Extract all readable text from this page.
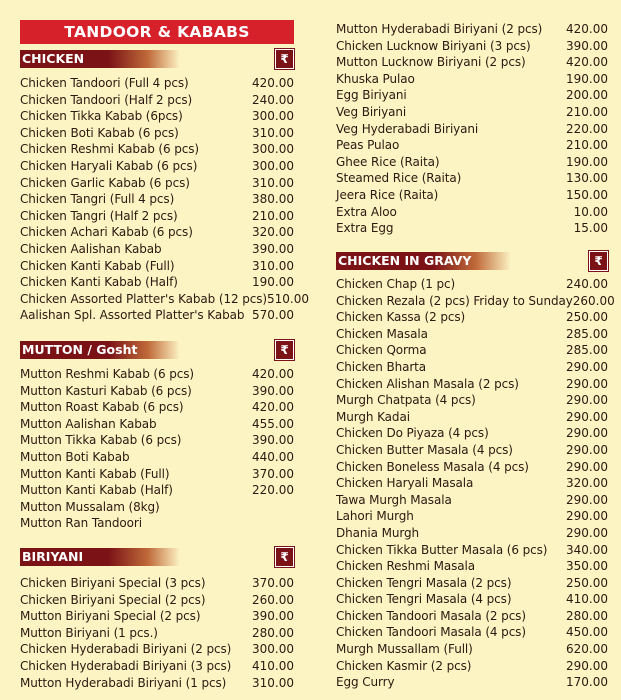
TANDOOR & KABABS
CHICKEN	₹
Chicken Tandoori (Full 4 pcs)	420.00
Chicken Tandoori (Half 2 pcs)	240.00
Chicken Tikka Kabab (6pcs)	300.00
Chicken Boti Kabab (6 pcs)	310.00
Chicken Reshmi Kabab (6 pcs)	300.00
Chicken Haryali Kabab (6 pcs)	300.00
Chicken Garlic Kabab (6 pcs)	310.00
Chicken Tangri (Full 4 pcs)	380.00
Chicken Tangri (Half 2 pcs)	210.00
Chicken Achari Kabab (6 pcs)	320.00
Chicken Aalishan Kabab	390.00
Chicken Kanti Kabab (Full)	310.00
Chicken Kanti Kabab (Half)	190.00
Chicken Assorted Platter's Kabab (12 pcs) 510.00
Aalishan Spl. Assorted Platter's Kabab 570.00
MUTTON / Gosht	₹
Mutton Reshmi Kabab (6 pcs)	420.00
Mutton Kasturi Kabab (6 pcs)	390.00
Mutton Roast Kabab (6 pcs)	420.00
Mutton Aalishan Kabab	455.00
Mutton Tikka Kabab (6 pcs)	390.00
Mutton Boti Kabab	440.00
Mutton Kanti Kabab (Full)	370.00
Mutton Kanti Kabab (Half)	220.00
Mutton Mussalam (8kg)
Mutton Ran Tandoori
BIRIYANI	₹
Chicken Biriyani Special (3 pcs)	370.00
Chicken Biriyani Special (2 pcs)	260.00
Mutton Biriyani Special (2 pcs)	390.00
Mutton Biriyani (1 pcs.)	280.00
Chicken Hyderabadi Biriyani (2 pcs) 300.00
Chicken Hyderabadi Biriyani (3 pcs) 410.00
Mutton Hyderabadi Biriyani (1 pcs) 310.00
Mutton Hyderabadi Biriyani (2 pcs) 420.00
Chicken Lucknow Biriyani (3 pcs)	390.00
Mutton Lucknow Biriyani (2 pcs)	420.00
Khuska Pulao	190.00
Egg Biriyani	200.00
Veg Biriyani	210.00
Veg Hyderabadi Biriyani	220.00
Peas Pulao	210.00
Ghee Rice (Raita)	190.00
Steamed Rice (Raita)	130.00
Jeera Rice (Raita)	150.00
Extra Aloo	10.00
Extra Egg	15.00
CHICKEN IN GRAVY	₹
Chicken Chap (1 pc)	240.00
Chicken Rezala (2 pcs) Friday to Sunday 260.00
Chicken Kassa (2 pcs)	250.00
Chicken Masala	285.00
Chicken Qorma	285.00
Chicken Bharta	290.00
Chicken Alishan Masala (2 pcs)	290.00
Murgh Chatpata (4 pcs)	290.00
Murgh Kadai	290.00
Chicken Do Piyaza (4 pcs)	290.00
Chicken Butter Masala (4 pcs)	290.00
Chicken Boneless Masala (4 pcs)	290.00
Chicken Haryali Masala	320.00
Tawa Murgh Masala	290.00
Lahori Murgh	290.00
Dhania Murgh	290.00
Chicken Tikka Butter Masala (6 pcs) 340.00
Chicken Reshmi Masala	350.00
Chicken Tengri Masala (2 pcs)	250.00
Chicken Tengri Masala (4 pcs)	410.00
Chicken Tandoori Masala (2 pcs)	280.00
Chicken Tandoori Masala (4 pcs)	450.00
Murgh Mussallam (Full)	620.00
Chicken Kasmir (2 pcs)	290.00
Egg Curry	170.00
